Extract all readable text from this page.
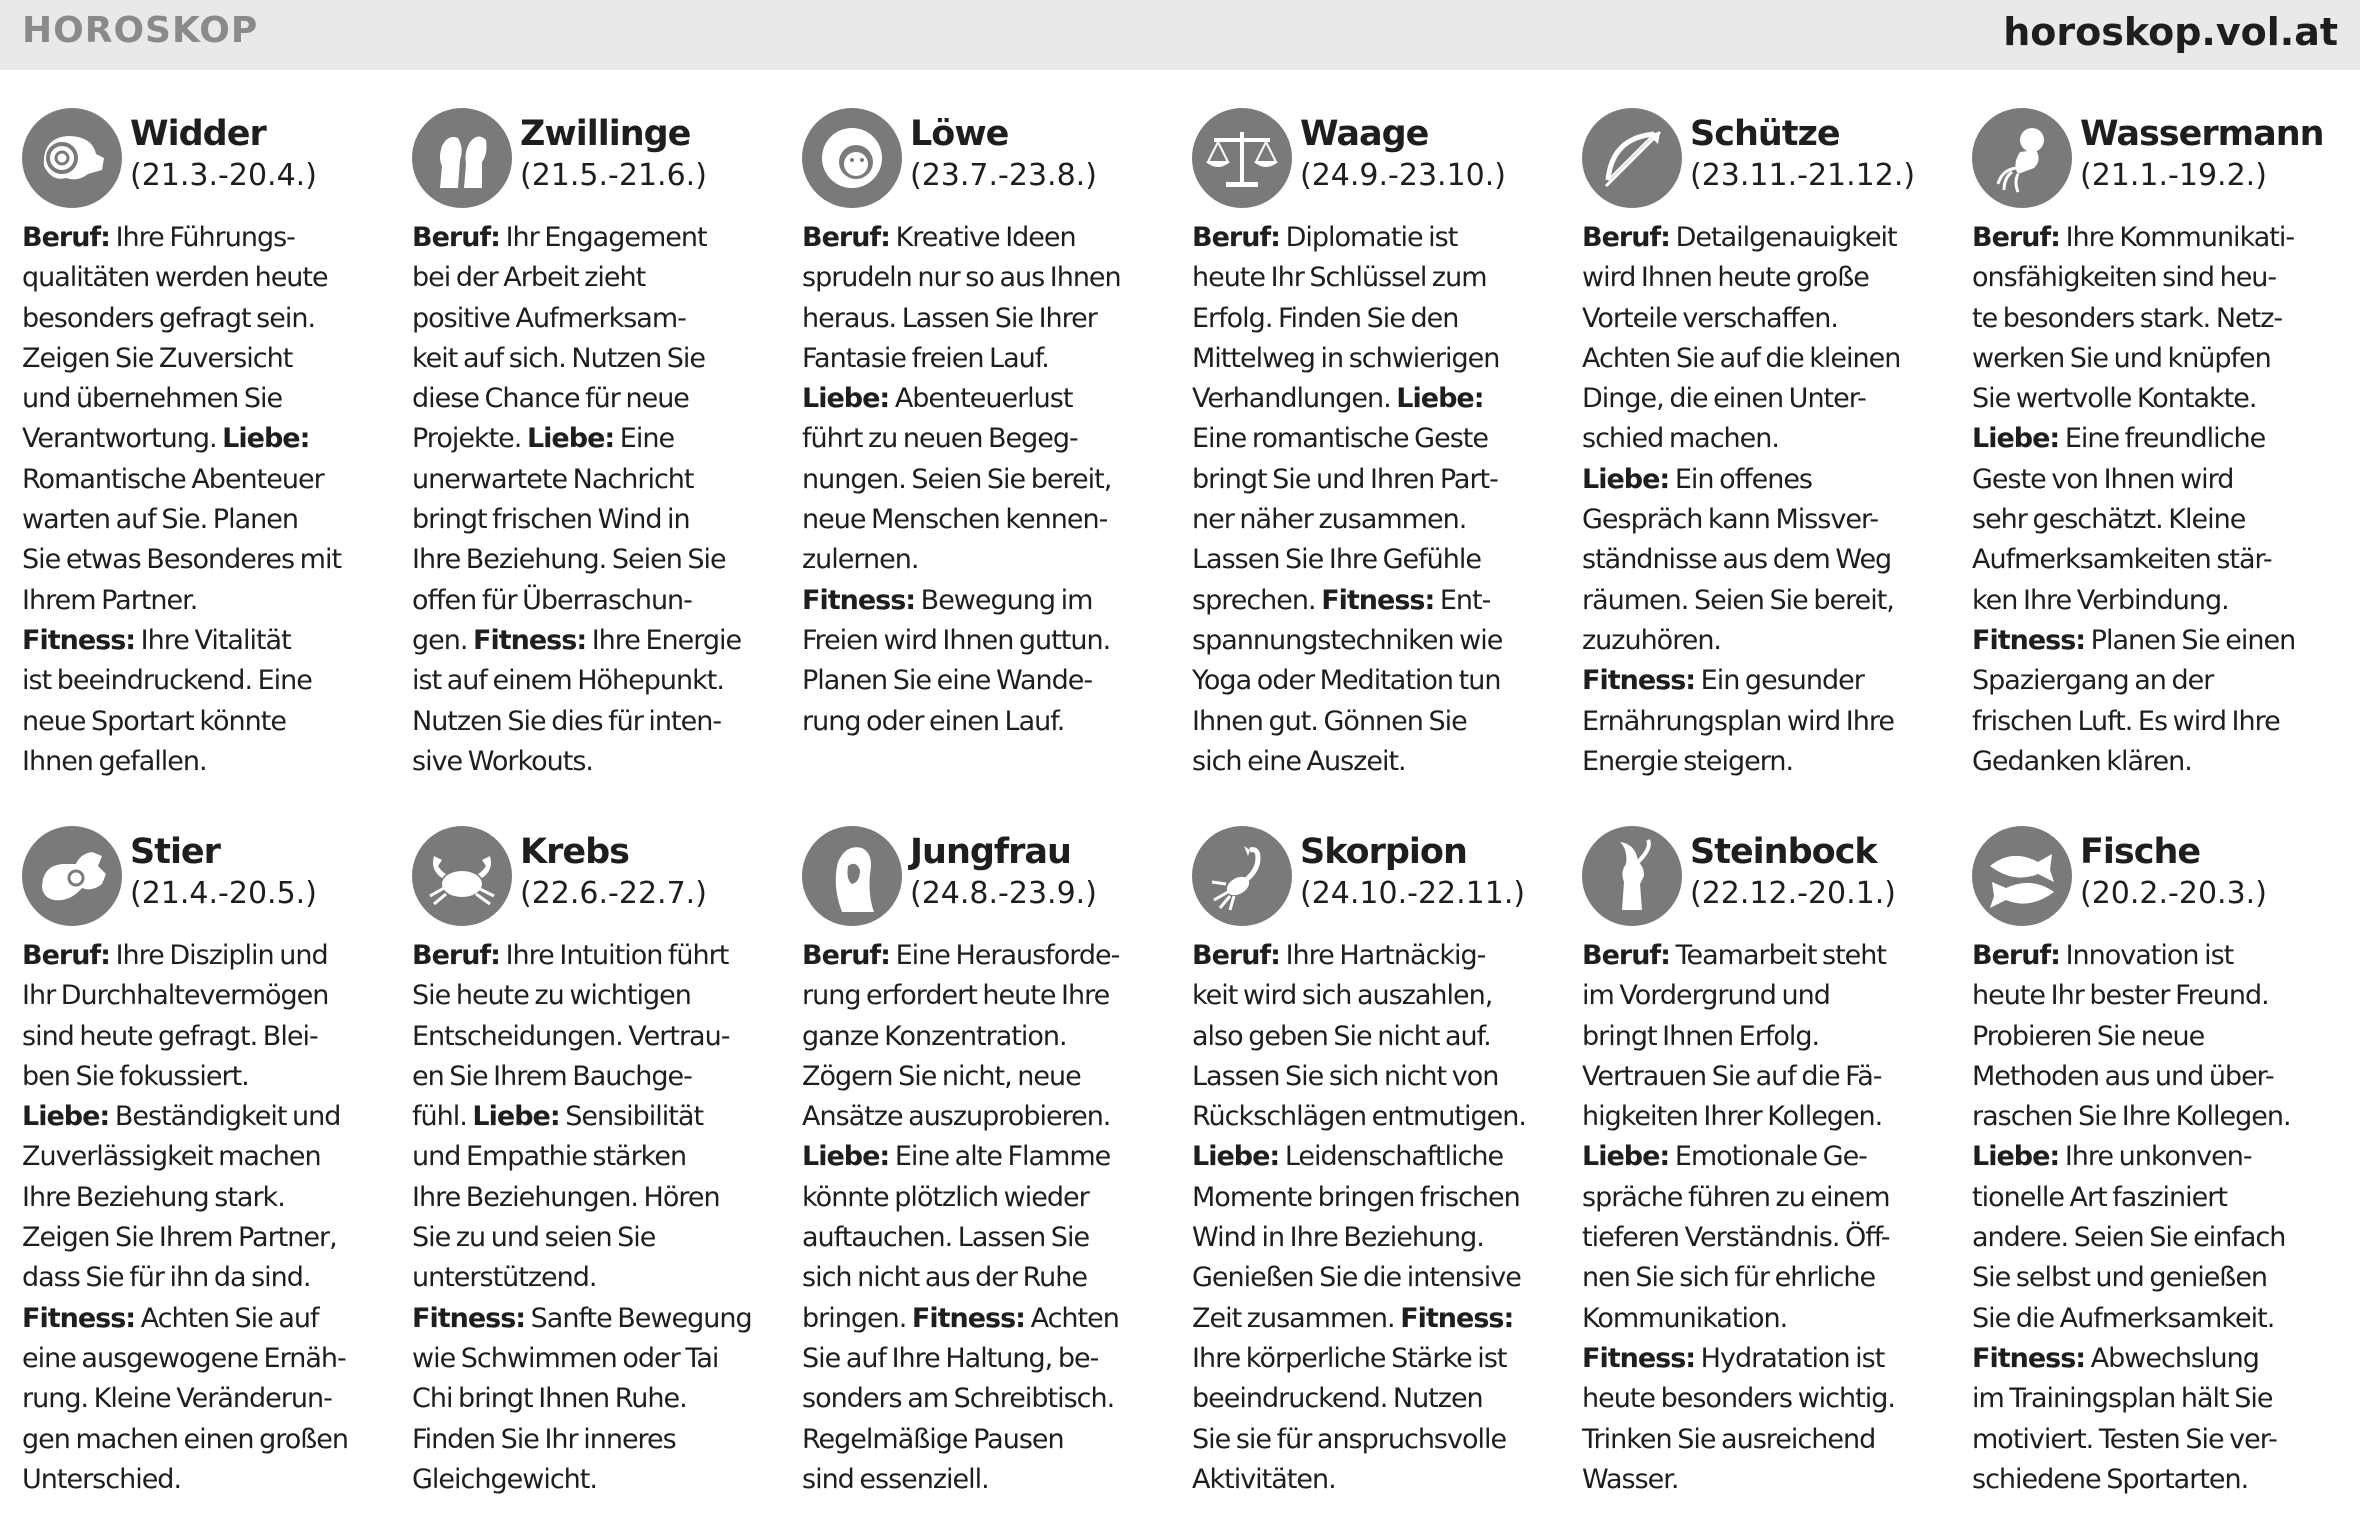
HOROSKOP	horoskop.vol.at
Widder
(21.3.-20.4.)

Beruf: Ihre Führungs-
qualitäten werden heute
besonders gefragt sein.
Zeigen Sie Zuversicht
und übernehmen Sie
Verantwortung. Liebe:
Romantische Abenteuer
warten auf Sie. Planen
Sie etwas Besonderes mit
Ihrem Partner.
Fitness: Ihre Vitalität
ist beeindruckend. Eine
neue Sportart könnte
Ihnen gefallen.

Zwillinge
(21.5.-21.6.)

Beruf: Ihr Engagement
bei der Arbeit zieht
positive Aufmerksam-
keit auf sich. Nutzen Sie
diese Chance für neue
Projekte. Liebe: Eine
unerwartete Nachricht
bringt frischen Wind in
Ihre Beziehung. Seien Sie
offen für Überraschun-
gen. Fitness: Ihre Energie
ist auf einem Höhepunkt.
Nutzen Sie dies für inten-
sive Workouts.

Löwe
(23.7.-23.8.)

Beruf: Kreative Ideen
sprudeln nur so aus Ihnen
heraus. Lassen Sie Ihrer
Fantasie freien Lauf.
Liebe: Abenteuerlust
führt zu neuen Begeg-
nungen. Seien Sie bereit,
neue Menschen kennen-
zulernen.
Fitness: Bewegung im
Freien wird Ihnen guttun.
Planen Sie eine Wande-
rung oder einen Lauf.

Waage
(24.9.-23.10.)

Beruf: Diplomatie ist
heute Ihr Schlüssel zum
Erfolg. Finden Sie den
Mittelweg in schwierigen
Verhandlungen. Liebe:
Eine romantische Geste
bringt Sie und Ihren Part-
ner näher zusammen.
Lassen Sie Ihre Gefühle
sprechen. Fitness: Ent-
spannungstechniken wie
Yoga oder Meditation tun
Ihnen gut. Gönnen Sie
sich eine Auszeit.

Schütze
(23.11.-21.12.)

Beruf: Detailgenauigkeit
wird Ihnen heute große
Vorteile verschaffen.
Achten Sie auf die kleinen
Dinge, die einen Unter-
schied machen.
Liebe: Ein offenes
Gespräch kann Missver-
ständnisse aus dem Weg
räumen. Seien Sie bereit,
zuzuhören.
Fitness: Ein gesunder
Ernährungsplan wird Ihre
Energie steigern.

Wassermann
(21.1.-19.2.)

Beruf: Ihre Kommunikati-
onsfähigkeiten sind heu-
te besonders stark. Netz-
werken Sie und knüpfen
Sie wertvolle Kontakte.
Liebe: Eine freundliche
Geste von Ihnen wird
sehr geschätzt. Kleine
Aufmerksamkeiten stär-
ken Ihre Verbindung.
Fitness: Planen Sie einen
Spaziergang an der
frischen Luft. Es wird Ihre
Gedanken klären.

Stier
(21.4.-20.5.)

Beruf: Ihre Disziplin und
Ihr Durchhaltevermögen
sind heute gefragt. Blei-
ben Sie fokussiert.
Liebe: Beständigkeit und
Zuverlässigkeit machen
Ihre Beziehung stark.
Zeigen Sie Ihrem Partner,
dass Sie für ihn da sind.
Fitness: Achten Sie auf
eine ausgewogene Ernäh-
rung. Kleine Veränderun-
gen machen einen großen
Unterschied.

Krebs
(22.6.-22.7.)

Beruf: Ihre Intuition führt
Sie heute zu wichtigen
Entscheidungen. Vertrau-
en Sie Ihrem Bauchge-
fühl. Liebe: Sensibilität
und Empathie stärken
Ihre Beziehungen. Hören
Sie zu und seien Sie
unterstützend.
Fitness: Sanfte Bewegung
wie Schwimmen oder Tai
Chi bringt Ihnen Ruhe.
Finden Sie Ihr inneres
Gleichgewicht.

Jungfrau
(24.8.-23.9.)

Beruf: Eine Herausforde-
rung erfordert heute Ihre
ganze Konzentration.
Zögern Sie nicht, neue
Ansätze auszuprobieren.
Liebe: Eine alte Flamme
könnte plötzlich wieder
auftauchen. Lassen Sie
sich nicht aus der Ruhe
bringen. Fitness: Achten
Sie auf Ihre Haltung, be-
sonders am Schreibtisch.
Regelmäßige Pausen
sind essenziell.

Skorpion
(24.10.-22.11.)

Beruf: Ihre Hartnäckig-
keit wird sich auszahlen,
also geben Sie nicht auf.
Lassen Sie sich nicht von
Rückschlägen entmutigen.
Liebe: Leidenschaftliche
Momente bringen frischen
Wind in Ihre Beziehung.
Genießen Sie die intensive
Zeit zusammen. Fitness:
Ihre körperliche Stärke ist
beeindruckend. Nutzen
Sie sie für anspruchsvolle
Aktivitäten.

Steinbock
(22.12.-20.1.)

Beruf: Teamarbeit steht
im Vordergrund und
bringt Ihnen Erfolg.
Vertrauen Sie auf die Fä-
higkeiten Ihrer Kollegen.
Liebe: Emotionale Ge-
spräche führen zu einem
tieferen Verständnis. Öff-
nen Sie sich für ehrliche
Kommunikation.
Fitness: Hydratation ist
heute besonders wichtig.
Trinken Sie ausreichend
Wasser.

Fische
(20.2.-20.3.)

Beruf: Innovation ist
heute Ihr bester Freund.
Probieren Sie neue
Methoden aus und über-
raschen Sie Ihre Kollegen.
Liebe: Ihre unkonven-
tionelle Art fasziniert
andere. Seien Sie einfach
Sie selbst und genießen
Sie die Aufmerksamkeit.
Fitness: Abwechslung
im Trainingsplan hält Sie
motiviert. Testen Sie ver-
schiedene Sportarten.
